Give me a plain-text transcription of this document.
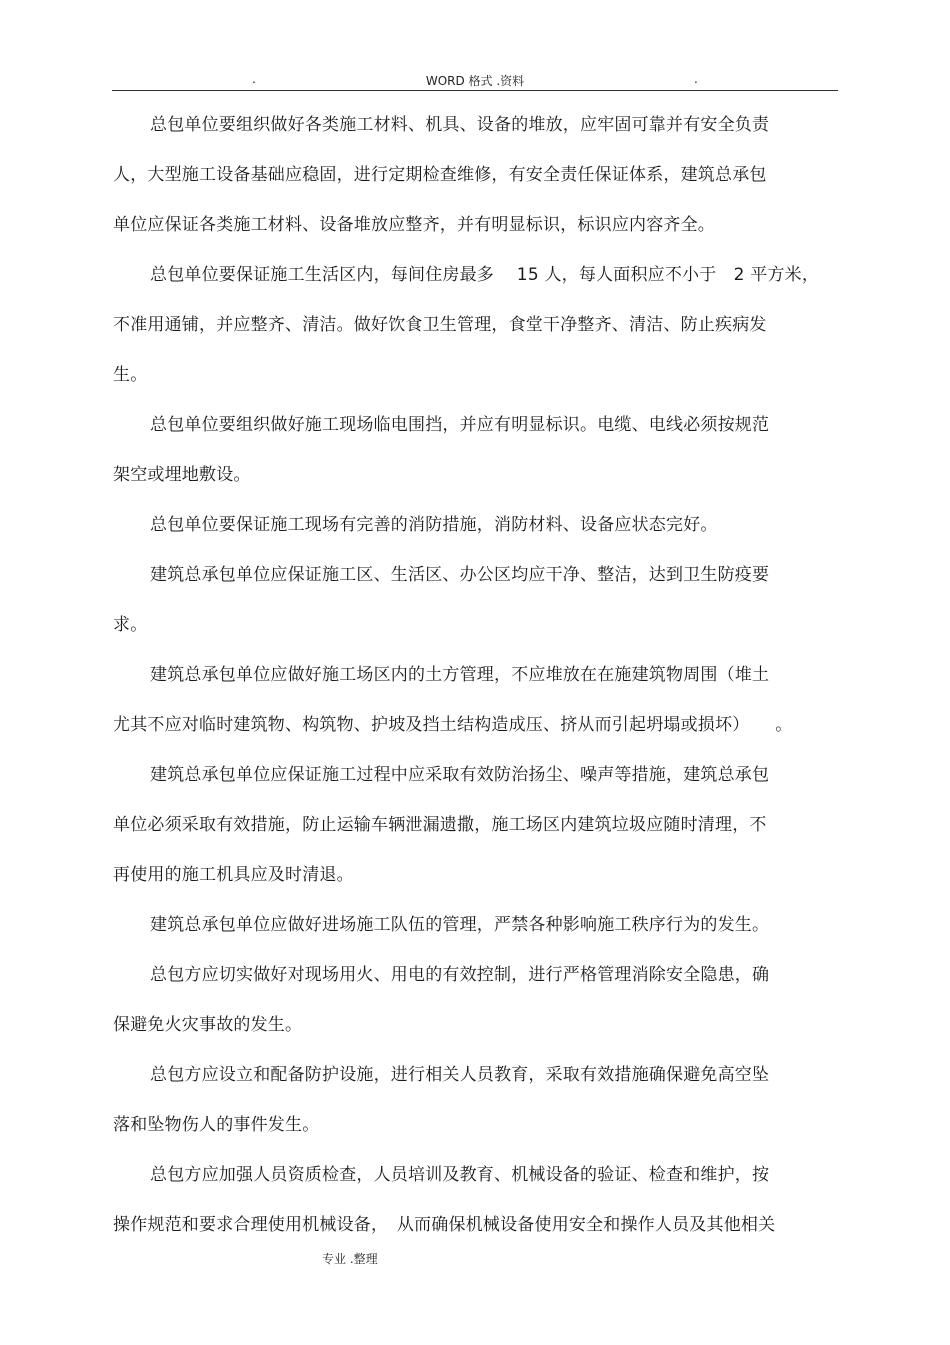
.	WORD 格式 .资料	.
总包单位要组织做好各类施工材料、机具、设备的堆放，应牢固可靠并有安全负责
人，大型施工设备基础应稳固，进行定期检查维修，有安全责任保证体系，建筑总承包
单位应保证各类施工材料、设备堆放应整齐，并有明显标识，标识应内容齐全。
总包单位要保证施工生活区内，每间住房最多　 15 人，每人面积应不小于　2 平方米，
不准用通铺，并应整齐、清洁。做好饮食卫生管理，食堂干净整齐、清洁、防止疾病发
生。
总包单位要组织做好施工现场临电围挡，并应有明显标识。电缆、电线必须按规范
架空或埋地敷设。
总包单位要保证施工现场有完善的消防措施，消防材料、设备应状态完好。
建筑总承包单位应保证施工区、生活区、办公区均应干净、整洁，达到卫生防疫要
求。
建筑总承包单位应做好施工场区内的土方管理，不应堆放在在施建筑物周围（堆土
尤其不应对临时建筑物、构筑物、护坡及挡土结构造成压、挤从而引起坍塌或损坏）　　。
建筑总承包单位应保证施工过程中应采取有效防治扬尘、噪声等措施，建筑总承包
单位必须采取有效措施，防止运输车辆泄漏遗撒，施工场区内建筑垃圾应随时清理，不
再使用的施工机具应及时清退。
建筑总承包单位应做好进场施工队伍的管理，严禁各种影响施工秩序行为的发生。
总包方应切实做好对现场用火、用电的有效控制，进行严格管理消除安全隐患，确
保避免火灾事故的发生。
总包方应设立和配备防护设施，进行相关人员教育，采取有效措施确保避免高空坠
落和坠物伤人的事件发生。
总包方应加强人员资质检查，人员培训及教育、机械设备的验证、检查和维护，按
操作规范和要求合理使用机械设备，　从而确保机械设备使用安全和操作人员及其他相关
专业 .整理
